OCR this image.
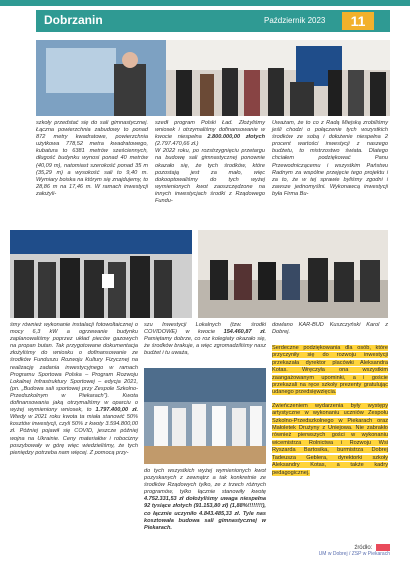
Dobrzanin	Październik 2023	11

szkoły przedstać się do sali gimnastycznej. Łączna powierzchnia zabudowy to ponad 872 metry kwadratowe, powierzchnia użytkowa 778,52 metra kwadratowego, kubatura to 6381 metrów sześciennych, długość budynku wynosi ponad 40 metrów (40,09 m), natomiast szerokość ponad 35 m (35,29 m) a wysokość sali to 9,40 m. Wymiary boiska na którym się znajdujemy, to 28,86 m na 17,46 m. W ramach inwestycji założyli-

szedł program Polski Ład. Złożyliśmy wniosek i otrzymaliśmy dofinansowanie w kwocie niespełna 2.800.000,00 złotych (2.797.470,66 zł.)

W 2022 roku, po rozstrzygnięciu przetargu na budowę sali gimnastycznej ponownie okazało się, że tych środków, które pozostają jest za mało, więc dokooptowaliśmy do tych wyżej wymienionych kwot zaoszczędzone na innych inwestycjach środki z Rządowego Fundu-

Uważam, że to co z Radą Miejską zrobiliśmy jeśli chodzi o połączenie tych wszystkich środków ze sobą i dołożenie niespełna 2 procent wartości inwestycji z naszego budżetu, to mistrzostwo świata. Dlatego chciałem podziękować Panu Przewodniczącemu i wszystkim Państwu Radnym za wspólne przejęcie tego projektu i za to, że w tej sprawie byliśmy zgodni i zawsze jednomyślni. Wykonawcą inwestycji była Firma Bu-

śmy również wykonanie instalacji fotowoltaicznej o mocy 6,3 kW a ogrzewanie budynku zaplanowaliśmy poprzez układ pieców gazowych na propan butan. Tak przygotowane dokumentacja złożyliśmy do wniosku o dofinansowanie ze środków Funduszu Rozwoju Kultury Fizycznej na realizację zadania inwestycyjnego w ramach Programu Sportowa Polska – Program Rozwoju Lokalnej Infrastruktury Sportowej – edycja 2021, (pn. „Budowa sali sportowej przy Zespole Szkolno-Przedszkolnym w Piekarach"). Kwota dofinansowania jaką otrzymaliśmy w oparciu o wyżej wymieniony wniosek, to 1.797.400,00 zł. Wtedy w 2021 roku kwota ta miała stanowić 50% kosztów inwestycji, czyli 50% z kwoty 3.594.800,00 zł. Później pojawił się COVID, jeszcze później wojna na Ukrainie. Ceny materiałów i robocizny poszybowały w górę więc wiedzieliśmy, że tych pieniędzy potrzeba nam więcej. Z pomocą przy-

szu Inwestycji Lokalnych (tzw. środki COVIDOWE) w kwocie 154.460,87 zł. Pamiętamy dobrze, co roz kolegiaty okazało się, że środków brakuje, a więc zgromadziliśmy nasz budżet i tu uważa,

dowlano KAR-BUD Kuszczyński Karol z Dobrej.

Serdeczne podziękowania dla osób, które przyczyniły się do rozwoju inwestycji przekazała dyrektor placówki Aleksandra Kotas. Wręczyła ona wszystkim zaangażowanym upominki, a i goście przekazali na ręce szkoły prezenty gratulując udanego przedsięwzięcia.

Zwieńczeniem wydarzenia były występy artystyczne w wykonaniu uczniów Zespołu Szkolno-Przedszkolnego w Piekarach oraz Małoletek Drużyny z Uniejowa. Nie zabrakło również pierwszych gości w wykonaniu wicemistrza Rolnictwa i Rozwoju Wsi Ryszarda Bartosika, burmistrza Dobrej Tadeusza Geblera, dyrektorki szkoły Aleksandry Kotas, a także kadry pedagogicznej.

do tych wszystkich wyżej wymienionych kwot pozyskanych z zewnątrz a tak konkretnie ze środków Rządowych tylko, ze z trzech różnych programów, tylko łącznie stanowiły kwotę 4.752.331,53 zł dołożyliśmy uwaga niespełna 92 tysiące złotych (91.153,80 zł) (1,88%!!!!!!!!), co łącznie uczyniło 4.843.485,33 zł. Tyle nas kosztowała budowa sali gimnastycznej w Piekarach.

źródło:
UM w Dobrej / ZSP w Piekarach
